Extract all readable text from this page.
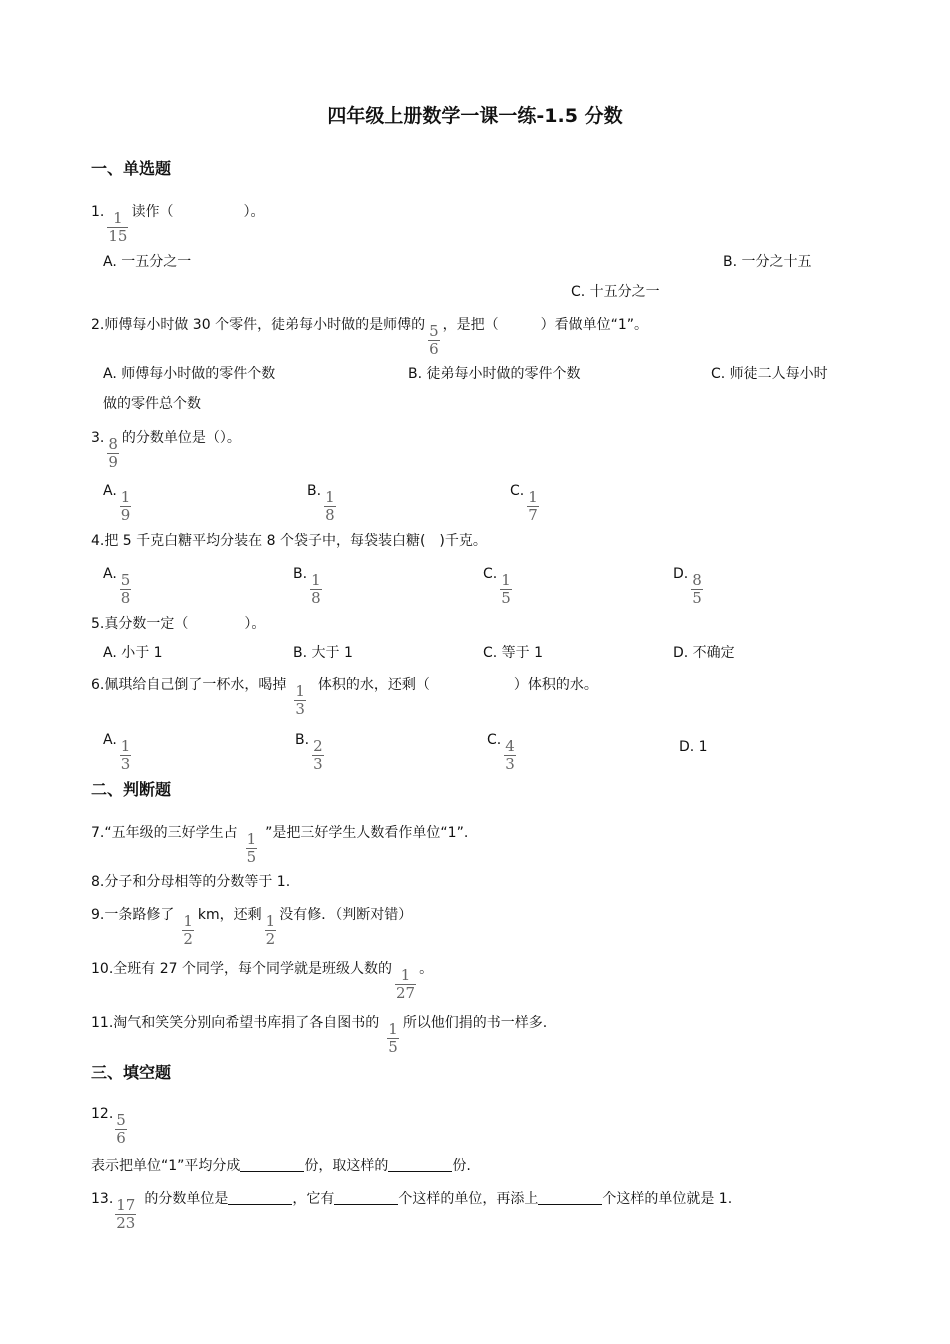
四年级上册数学一课一练-1.5 分数
一、单选题
1. $\frac{1}{15}$ 读作（　　　　　）。
A. 一五分之一	B. 一分之十五
C. 十五分之一
2.师傅每小时做 30 个零件，徒弟每小时做的是师傅的 $\frac{5}{6}$ ，是把（　　　）看做单位“1”。
A. 师傅每小时做的零件个数	B. 徒弟每小时做的零件个数	C. 师徒二人每小时
做的零件总个数
3. $\frac{8}{9}$ 的分数单位是（）。
A. $\frac{1}{9}$	B. $\frac{1}{8}$	C. $\frac{1}{7}$
4.把 5 千克白糖平均分装在 8 个袋子中，每袋装白糖(　)千克。
A. $\frac{5}{8}$	B. $\frac{1}{8}$	C. $\frac{1}{5}$	D. $\frac{8}{5}$
5.真分数一定（　　　　）。
A. 小于 1	B. 大于 1	C. 等于 1	D. 不确定
6.佩琪给自己倒了一杯水，喝掉 $\frac{1}{3}$ 体积的水，还剩（　　　　　　）体积的水。
A. $\frac{1}{3}$	B. $\frac{2}{3}$	C. $\frac{4}{3}$	D. 1
二、判断题
7.“五年级的三好学生占 $\frac{1}{5}$ ”是把三好学生人数看作单位“1”.
8.分子和分母相等的分数等于 1.
9.一条路修了 $\frac{1}{2}$ km，还剩 $\frac{1}{2}$ 没有修．（判断对错）
10.全班有 27 个同学，每个同学就是班级人数的 $\frac{1}{27}$ 。
11.淘气和笑笑分别向希望书库捐了各自图书的 $\frac{1}{5}$ 所以他们捐的书一样多.
三、填空题
12. $\frac{5}{6}$
表示把单位“1”平均分成	份，取这样的	份.
13. $\frac{17}{23}$ 的分数单位是	，它有	个这样的单位，再添上	个这样的单位就是 1.
